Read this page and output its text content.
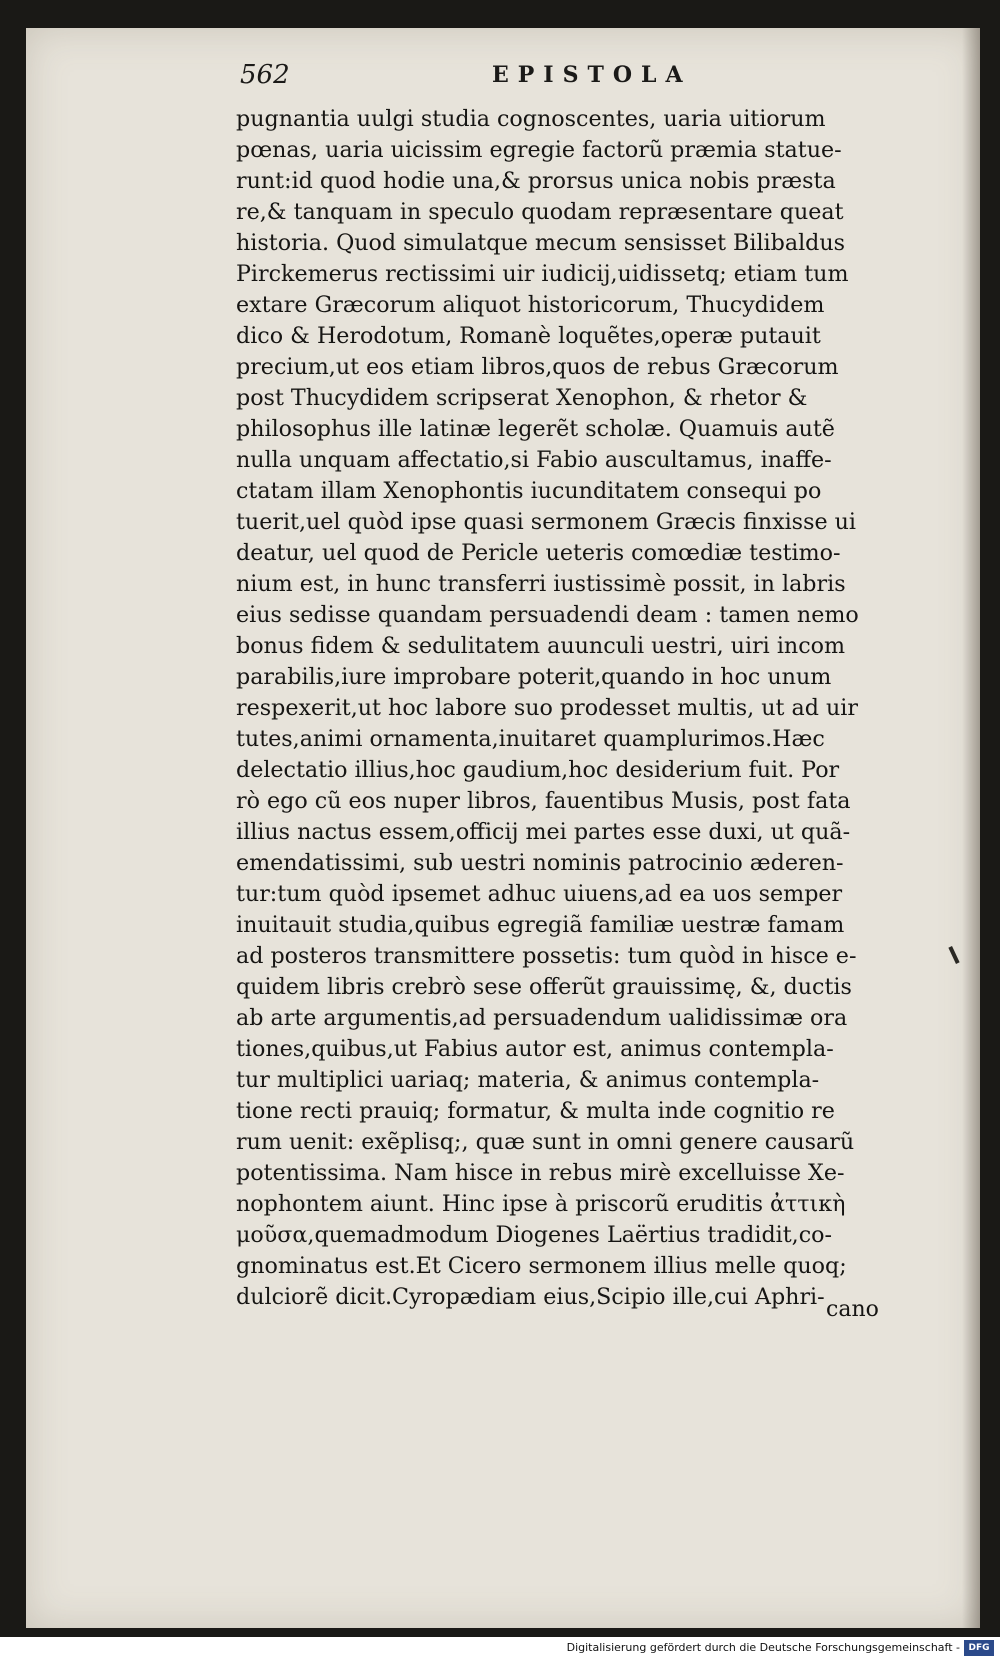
562	EPISTOLA
pugnantia uulgi studia cognoscentes, uaria uitiorum
pœnas, uaria uicissim egregie factorũ præmia statue-
runt:id quod hodie una,& prorsus unica nobis præsta
re,& tanquam in speculo quodam repræsentare queat
historia. Quod simulatque mecum sensisset Bilibaldus
Pirckemerus rectissimi uir iudicij,uidissetq; etiam tum
extare Græcorum aliquot historicorum, Thucydidem
dico & Herodotum, Romanè loquẽtes,operæ putauit
precium,ut eos etiam libros,quos de rebus Græcorum
post Thucydidem scripserat Xenophon, & rhetor &
philosophus ille latinæ legerẽt scholæ. Quamuis autẽ
nulla unquam affectatio,si Fabio auscultamus, inaffe-
ctatam illam Xenophontis iucunditatem consequi po
tuerit,uel quòd ipse quasi sermonem Græcis finxisse ui
deatur, uel quod de Pericle ueteris comœdiæ testimo-
nium est, in hunc transferri iustissimè possit, in labris
eius sedisse quandam persuadendi deam : tamen nemo
bonus fidem & sedulitatem auunculi uestri, uiri incom
parabilis,iure improbare poterit,quando in hoc unum
respexerit,ut hoc labore suo prodesset multis, ut ad uir
tutes,animi ornamenta,inuitaret quamplurimos.Hæc
delectatio illius,hoc gaudium,hoc desiderium fuit. Por
rò ego cũ eos nuper libros, fauentibus Musis, post fata
illius nactus essem,officij mei partes esse duxi, ut quã-
emendatissimi, sub uestri nominis patrocinio æderen-
tur:tum quòd ipsemet adhuc uiuens,ad ea uos semper
inuitauit studia,quibus egregiã familiæ uestræ famam
ad posteros transmittere possetis: tum quòd in hisce e-
quidem libris crebrò sese offerũt grauissimę, &, ductis
ab arte argumentis,ad persuadendum ualidissimæ ora
tiones,quibus,ut Fabius autor est, animus contempla-
tur multiplici uariaq; materia, & animus contempla-
tione recti prauiq; formatur, & multa inde cognitio re
rum uenit: exẽplisq;, quæ sunt in omni genere causarũ
potentissima. Nam hisce in rebus mirè excelluisse Xe-
nophontem aiunt. Hinc ipse à priscorũ eruditis ἀττικὴ
μοῦσα,quemadmodum Diogenes Laërtius tradidit,co-
gnominatus est.Et Cicero sermonem illius melle quoq;
dulciorẽ dicit.Cyropædiam eius,Scipio ille,cui Aphri- cano
Digitalisierung gefördert durch die Deutsche Forschungsgemeinschaft - DFG
